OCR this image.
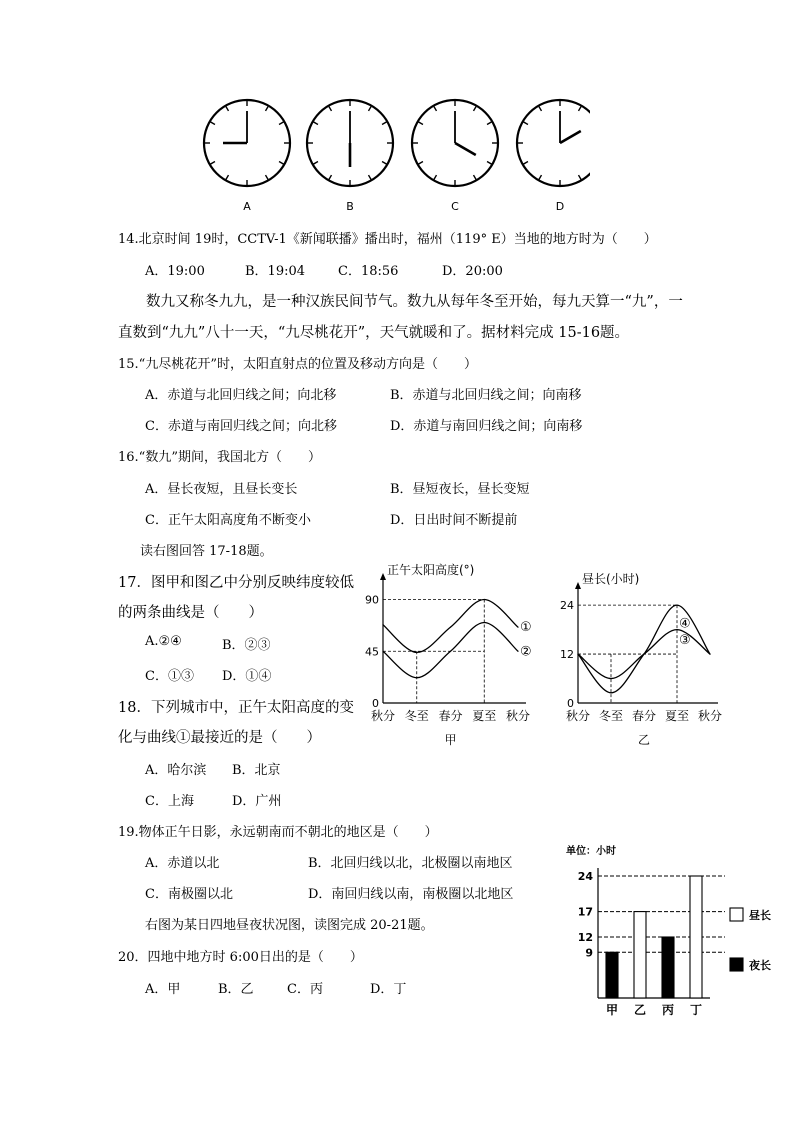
A	B	C	D
14.北京时间 19时，CCTV-1《新闻联播》播出时，福州（119° E）当地的地方时为（　　）
A．19:00	B．19:04	C．18:56	D．20:00
数九又称冬九九，是一种汉族民间节气。数九从每年冬至开始，每九天算一“九”，一
直数到“九九”八十一天，“九尽桃花开”，天气就暖和了。据材料完成 15-16题。
15.“九尽桃花开”时，太阳直射点的位置及移动方向是（　　）
A．赤道与北回归线之间；向北移	B．赤道与北回归线之间；向南移
C．赤道与南回归线之间；向北移	D．赤道与南回归线之间；向南移
16.“数九”期间，我国北方（　　）
A．昼长夜短，且昼长变长	B．昼短夜长，昼长变短
C．正午太阳高度角不断变小	D．日出时间不断提前
读右图回答 17-18题。
17．图甲和图乙中分别反映纬度较低
的两条曲线是（　　）
A.②④	B．②③
C．①③ D．①④
18．下列城市中，正午太阳高度的变
化与曲线①最接近的是（　　）
A．哈尔滨 B．北京
C．上海	D．广州
19.物体正午日影，永远朝南而不朝北的地区是（　　）
A．赤道以北	B．北回归线以北，北极圈以南地区
C．南极圈以北	D．南回归线以南，南极圈以北地区
右图为某日四地昼夜状况图，读图完成 20-21题。
20．四地中地方时 6:00日出的是（　　）
A．甲	B．乙	C．丙	D．丁
正午太阳高度(°)
0
45
90
秋分 冬至 春分 夏至 秋分
甲
①
②
昼长(小时)
0
12
24
秋分 冬至 春分 夏至 秋分
乙
④
③
单位：小时
9
12
17
24
甲 乙 丙 丁
昼长
夜长
